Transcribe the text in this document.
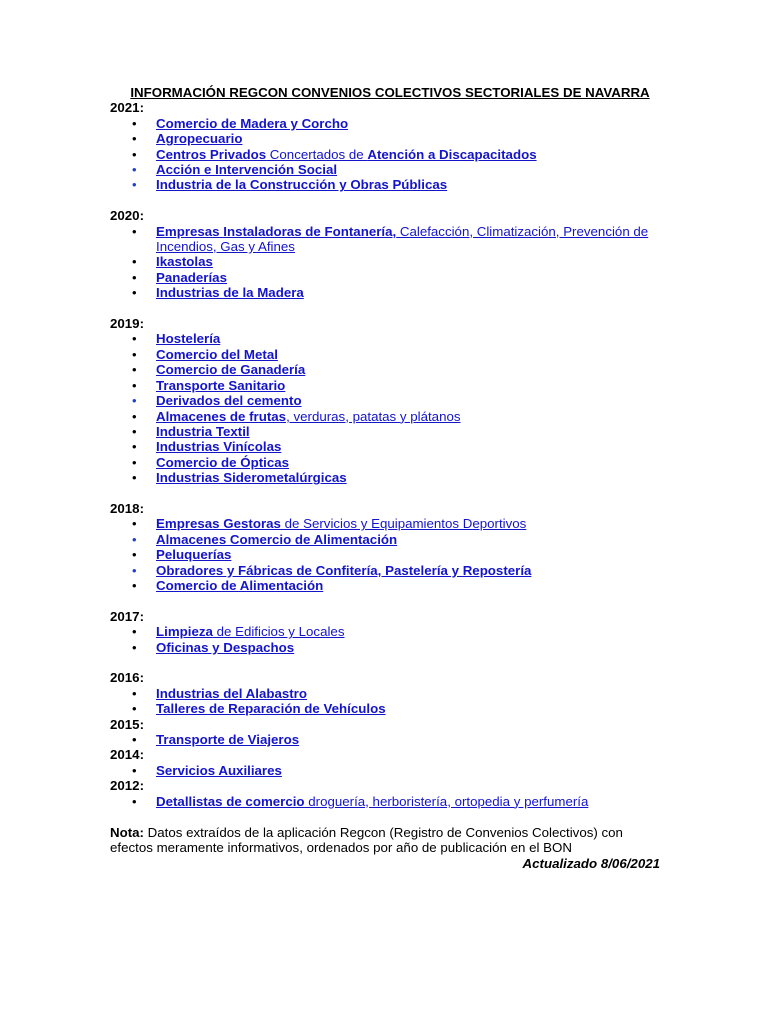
INFORMACIÓN REGCON CONVENIOS COLECTIVOS SECTORIALES DE NAVARRA
2021:
• Comercio de Madera y Corcho
• Agropecuario
• Centros Privados Concertados de Atención a Discapacitados
• Acción e Intervención Social
• Industria de la Construcción y Obras Públicas
2020:
• Empresas Instaladoras de Fontanería, Calefacción, Climatización, Prevención de Incendios, Gas y Afines
• Ikastolas
• Panaderías
• Industrias de la Madera
2019:
• Hostelería
• Comercio del Metal
• Comercio de Ganadería
• Transporte Sanitario
• Derivados del cemento
• Almacenes de frutas, verduras, patatas y plátanos
• Industria Textil
• Industrias Vinícolas
• Comercio de Ópticas
• Industrias Siderometalúrgicas
2018:
• Empresas Gestoras de Servicios y Equipamientos Deportivos
• Almacenes Comercio de Alimentación
• Peluquerías
• Obradores y Fábricas de Confitería, Pastelería y Repostería
• Comercio de Alimentación
2017:
• Limpieza de Edificios y Locales
• Oficinas y Despachos
2016:
• Industrias del Alabastro
• Talleres de Reparación de Vehículos
2015:
• Transporte de Viajeros
2014:
• Servicios Auxiliares
2012:
• Detallistas de comercio droguería, herboristería, ortopedia y perfumería
Nota: Datos extraídos de la aplicación Regcon (Registro de Convenios Colectivos) con efectos meramente informativos, ordenados por año de publicación en el BON
Actualizado 8/06/2021
